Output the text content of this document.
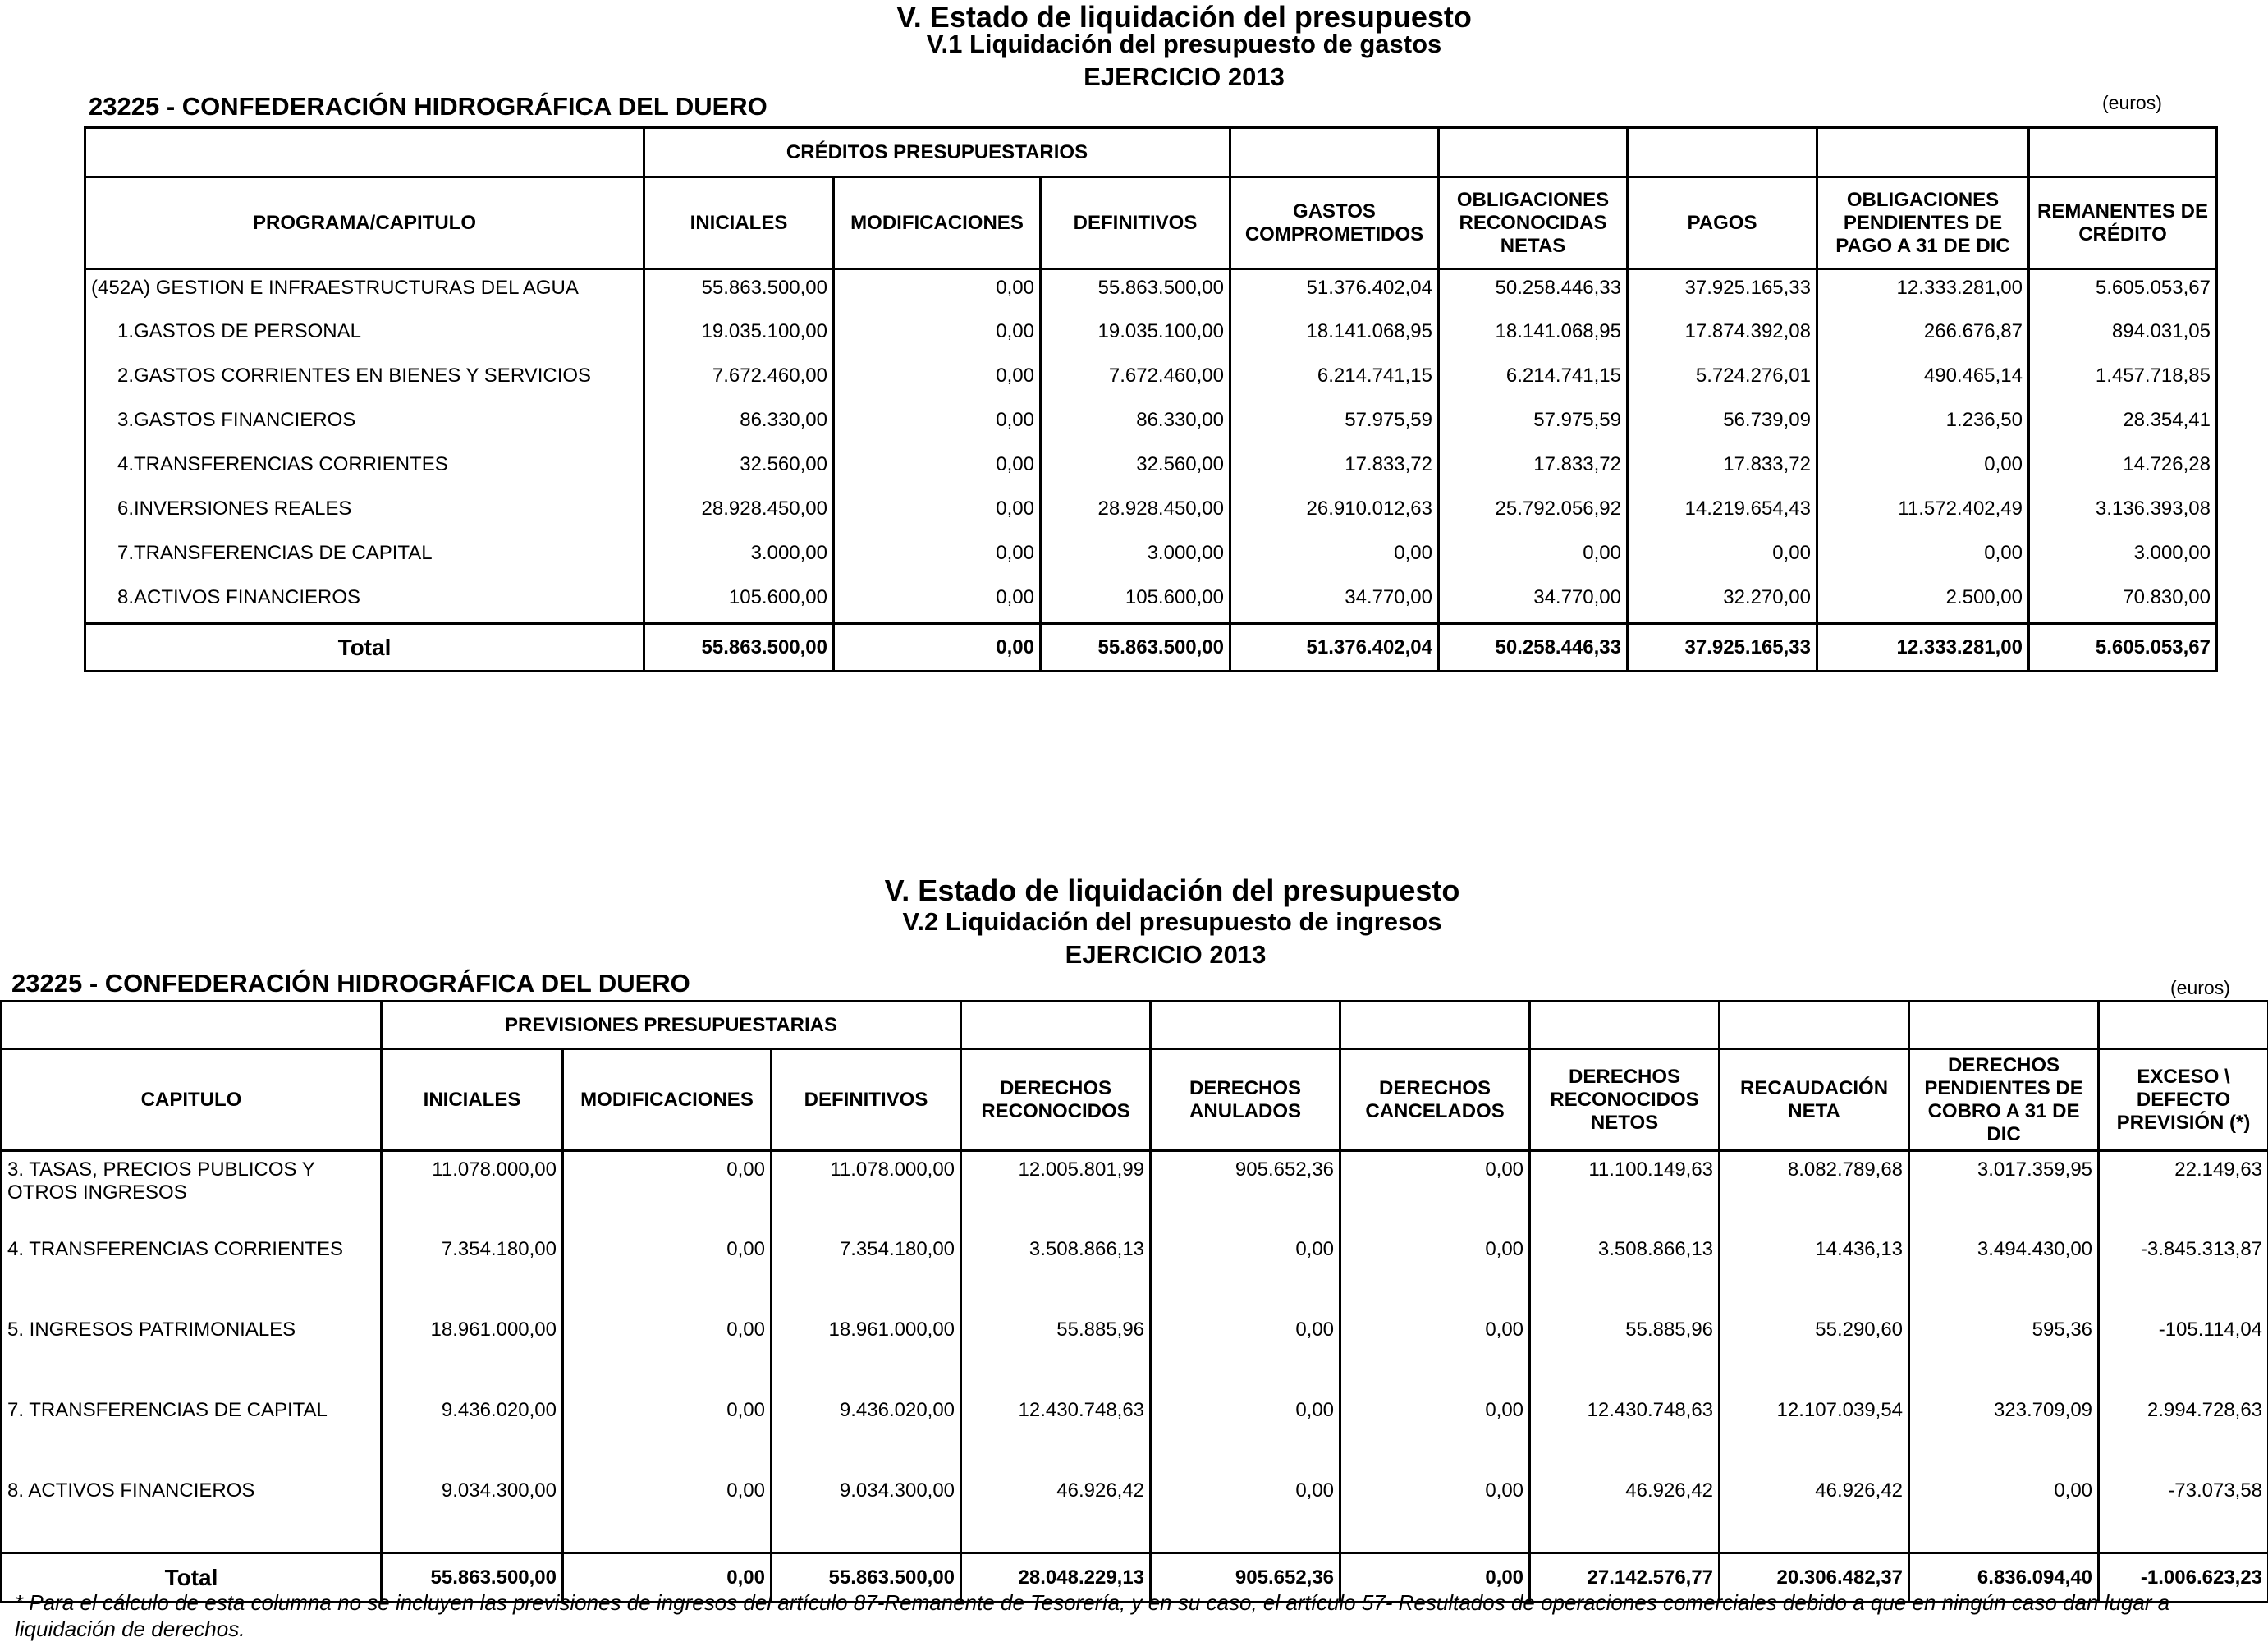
V. Estado de liquidación del presupuesto
V.1 Liquidación del presupuesto de gastos
EJERCICIO 2013
23225 - CONFEDERACIÓN HIDROGRÁFICA DEL DUERO	(euros)
	CRÉDITOS PRESUPUESTARIOS							
PROGRAMA/CAPITULO	INICIALES	MODIFICACIONES	DEFINITIVOS	GASTOS COMPROMETIDOS	OBLIGACIONES RECONOCIDAS NETAS	PAGOS	OBLIGACIONES PENDIENTES DE PAGO A 31 DE DIC	REMANENTES DE CRÉDITO
(452A) GESTION E INFRAESTRUCTURAS DEL AGUA	55.863.500,00	0,00	55.863.500,00	51.376.402,04	50.258.446,33	37.925.165,33	12.333.281,00	5.605.053,67
1.GASTOS DE PERSONAL	19.035.100,00	0,00	19.035.100,00	18.141.068,95	18.141.068,95	17.874.392,08	266.676,87	894.031,05
2.GASTOS CORRIENTES EN BIENES Y SERVICIOS	7.672.460,00	0,00	7.672.460,00	6.214.741,15	6.214.741,15	5.724.276,01	490.465,14	1.457.718,85
3.GASTOS FINANCIEROS	86.330,00	0,00	86.330,00	57.975,59	57.975,59	56.739,09	1.236,50	28.354,41
4.TRANSFERENCIAS CORRIENTES	32.560,00	0,00	32.560,00	17.833,72	17.833,72	17.833,72	0,00	14.726,28
6.INVERSIONES REALES	28.928.450,00	0,00	28.928.450,00	26.910.012,63	25.792.056,92	14.219.654,43	11.572.402,49	3.136.393,08
7.TRANSFERENCIAS DE CAPITAL	3.000,00	0,00	3.000,00	0,00	0,00	0,00	0,00	3.000,00
8.ACTIVOS FINANCIEROS	105.600,00	0,00	105.600,00	34.770,00	34.770,00	32.270,00	2.500,00	70.830,00
Total	55.863.500,00	0,00	55.863.500,00	51.376.402,04	50.258.446,33	37.925.165,33	12.333.281,00	5.605.053,67
V. Estado de liquidación del presupuesto
V.2 Liquidación del presupuesto de ingresos
EJERCICIO 2013
23225 - CONFEDERACIÓN HIDROGRÁFICA DEL DUERO	(euros)
	PREVISIONES PRESUPUESTARIAS									
CAPITULO	INICIALES	MODIFICACIONES	DEFINITIVOS	DERECHOS RECONOCIDOS	DERECHOS ANULADOS	DERECHOS CANCELADOS	DERECHOS RECONOCIDOS NETOS	RECAUDACIÓN NETA	DERECHOS PENDIENTES DE COBRO A 31 DE DIC	EXCESO \ DEFECTO PREVISIÓN (*)
3. TASAS, PRECIOS PUBLICOS Y OTROS INGRESOS	11.078.000,00	0,00	11.078.000,00	12.005.801,99	905.652,36	0,00	11.100.149,63	8.082.789,68	3.017.359,95	22.149,63
4. TRANSFERENCIAS CORRIENTES	7.354.180,00	0,00	7.354.180,00	3.508.866,13	0,00	0,00	3.508.866,13	14.436,13	3.494.430,00	-3.845.313,87
5. INGRESOS PATRIMONIALES	18.961.000,00	0,00	18.961.000,00	55.885,96	0,00	0,00	55.885,96	55.290,60	595,36	-105.114,04
7. TRANSFERENCIAS DE CAPITAL	9.436.020,00	0,00	9.436.020,00	12.430.748,63	0,00	0,00	12.430.748,63	12.107.039,54	323.709,09	2.994.728,63
8. ACTIVOS FINANCIEROS	9.034.300,00	0,00	9.034.300,00	46.926,42	0,00	0,00	46.926,42	46.926,42	0,00	-73.073,58
Total	55.863.500,00	0,00	55.863.500,00	28.048.229,13	905.652,36	0,00	27.142.576,77	20.306.482,37	6.836.094,40	-1.006.623,23
* Para el cálculo de esta columna no se incluyen las previsiones de ingresos del artículo 87-Remanente de Tesorería, y en su caso, el artículo 57- Resultados de operaciones comerciales debido a que en ningún caso dan lugar a liquidación de derechos.
